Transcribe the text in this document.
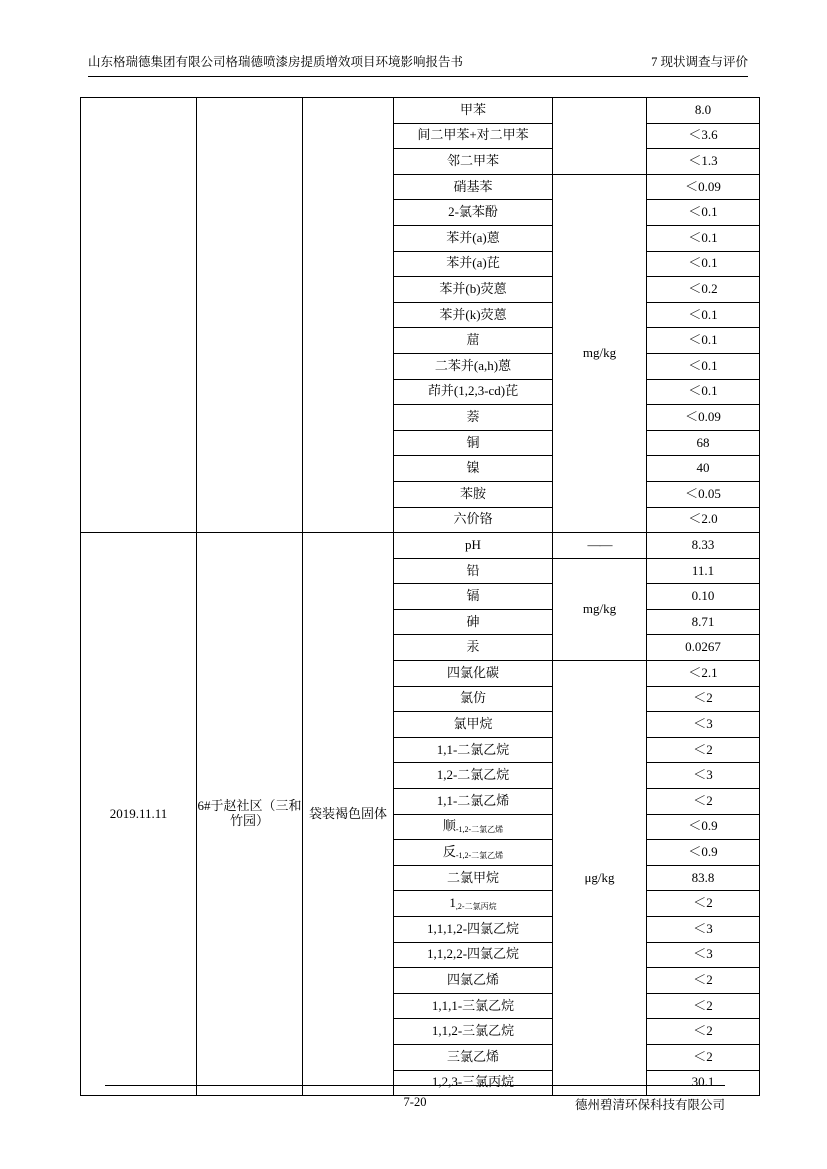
山东格瑞德集团有限公司格瑞德喷漆房提质增效项目环境影响报告书	7 现状调查与评价
			甲苯		8.0
			间二甲苯+对二甲苯		＜3.6
			邻二甲苯		＜1.3
			硝基苯	mg/kg	＜0.09
			2-氯苯酚		＜0.1
			苯并(a)蒽		＜0.1
			苯并(a)芘		＜0.1
			苯并(b)荧蒽		＜0.2
			苯并(k)荧蒽		＜0.1
			䓛		＜0.1
			二苯并(a,h)蒽		＜0.1
			茚并(1,2,3-cd)芘		＜0.1
			萘		＜0.09
			铜		68
			镍		40
			苯胺		＜0.05
			六价铬		＜2.0
2019.11.11	6#于赵社区（三和竹园）	袋装褐色固体	pH	——	8.33
			铅	mg/kg	11.1
			镉		0.10
			砷		8.71
			汞		0.0267
			四氯化碳	μg/kg	＜2.1
			氯仿		＜2
			氯甲烷		＜3
			1,1-二氯乙烷		＜2
			1,2-二氯乙烷		＜3
			1,1-二氯乙烯		＜2
			顺-1,2-二氯乙烯		＜0.9
			反-1,2-二氯乙烯		＜0.9
			二氯甲烷		83.8
			1,2-二氯丙烷		＜2
			1,1,1,2-四氯乙烷		＜3
			1,1,2,2-四氯乙烷		＜3
			四氯乙烯		＜2
			1,1,1-三氯乙烷		＜2
			1,1,2-三氯乙烷		＜2
			三氯乙烯		＜2
			1,2,3-三氯丙烷		30.1
7-20	德州碧清环保科技有限公司
